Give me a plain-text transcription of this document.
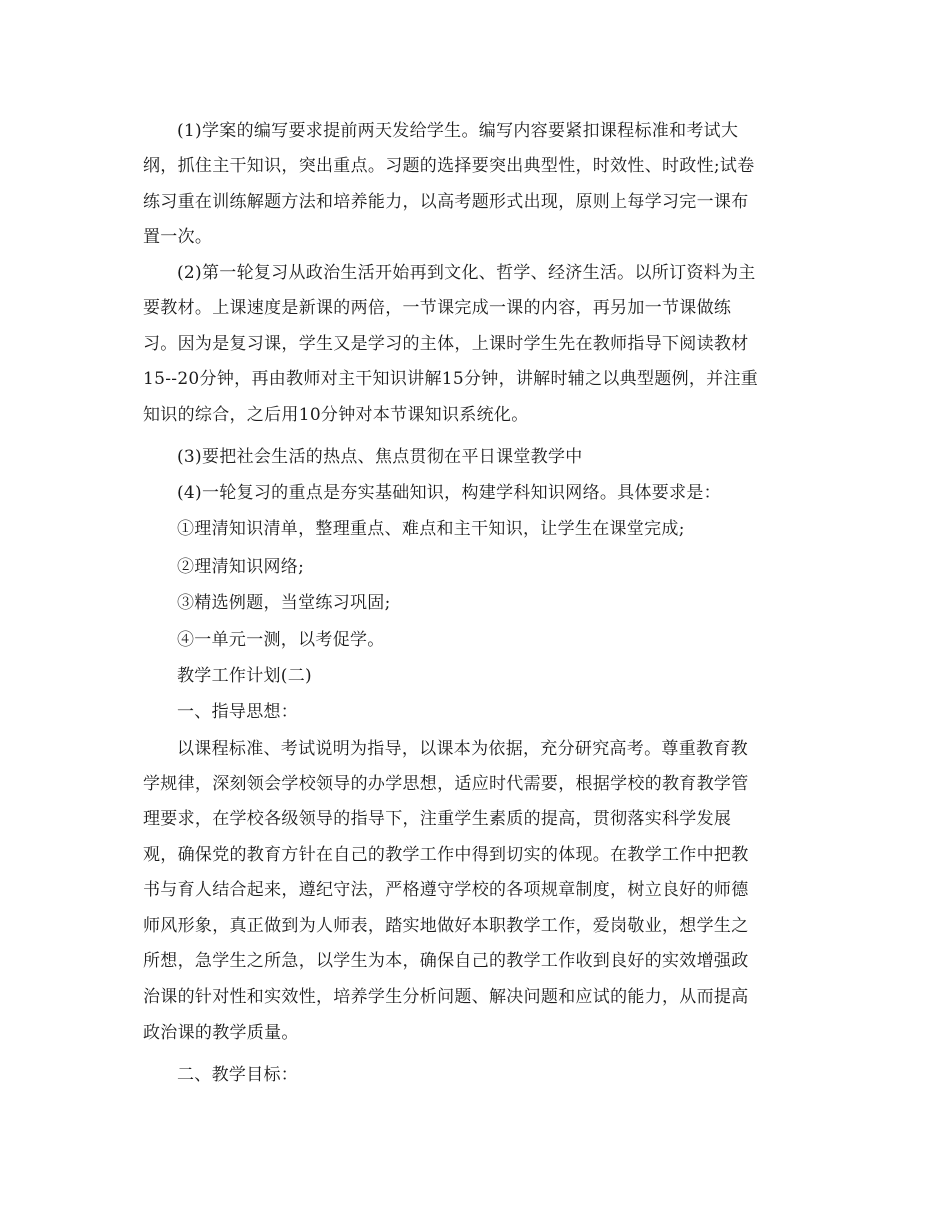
(1)学案的编写要求提前两天发给学生。编写内容要紧扣课程标准和考试大
纲，抓住主干知识，突出重点。习题的选择要突出典型性，时效性、时政性;试卷
练习重在训练解题方法和培养能力，以高考题形式出现，原则上每学习完一课布
置一次。
(2)第一轮复习从政治生活开始再到文化、哲学、经济生活。以所订资料为主
要教材。上课速度是新课的两倍，一节课完成一课的内容，再另加一节课做练
习。因为是复习课，学生又是学习的主体，上课时学生先在教师指导下阅读教材
15--20分钟，再由教师对主干知识讲解15分钟，讲解时辅之以典型题例，并注重
知识的综合，之后用10分钟对本节课知识系统化。
(3)要把社会生活的热点、焦点贯彻在平日课堂教学中
(4)一轮复习的重点是夯实基础知识，构建学科知识网络。具体要求是：
①理清知识清单，整理重点、难点和主干知识，让学生在课堂完成;
②理清知识网络;
③精选例题，当堂练习巩固;
④一单元一测，以考促学。
教学工作计划(二)
一、指导思想：
以课程标准、考试说明为指导，以课本为依据，充分研究高考。尊重教育教
学规律，深刻领会学校领导的办学思想，适应时代需要，根据学校的教育教学管
理要求，在学校各级领导的指导下，注重学生素质的提高，贯彻落实科学发展
观，确保党的教育方针在自己的教学工作中得到切实的体现。在教学工作中把教
书与育人结合起来，遵纪守法，严格遵守学校的各项规章制度，树立良好的师德
师风形象，真正做到为人师表，踏实地做好本职教学工作，爱岗敬业，想学生之
所想，急学生之所急，以学生为本，确保自己的教学工作收到良好的实效增强政
治课的针对性和实效性，培养学生分析问题、解决问题和应试的能力，从而提高
政治课的教学质量。
二、教学目标：
